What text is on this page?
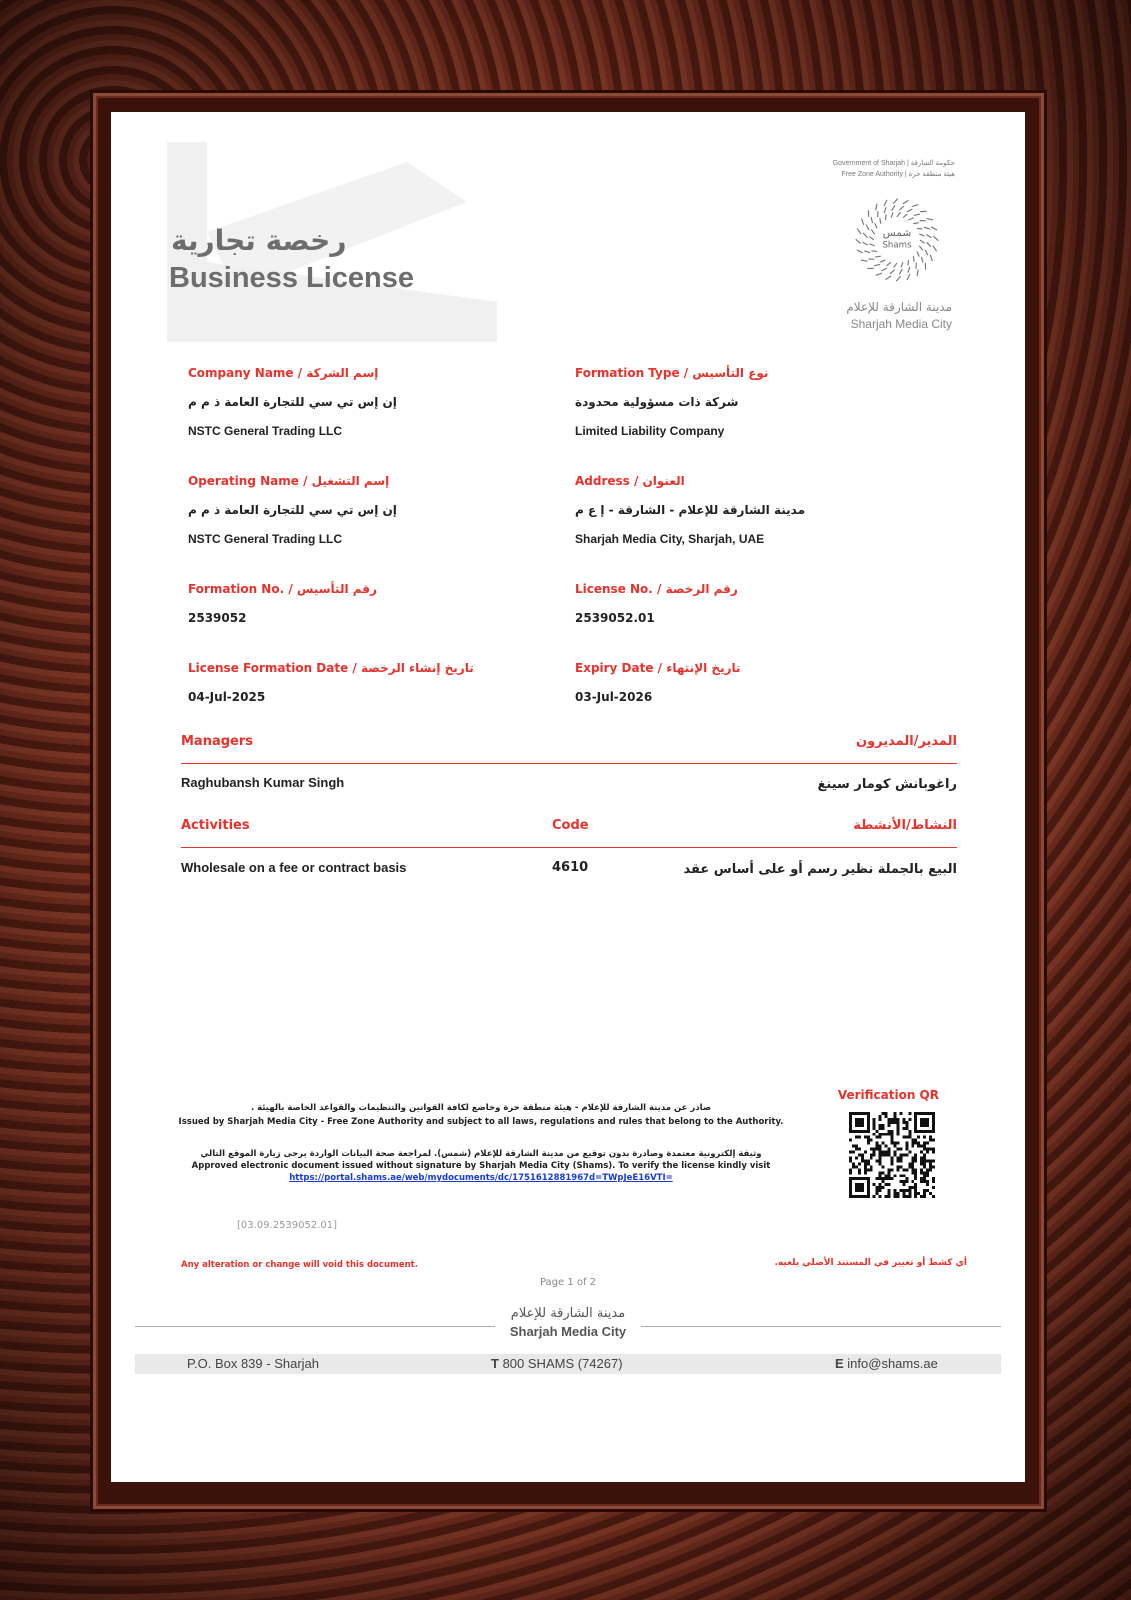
رخصة تجارية
Business License
Government of Sharjah | حكومة الشارقة
Free Zone Authority | هيئة منطقة حرة
شمس
Shams
مدينة الشارقة للإعلام
Sharjah Media City
Company Name / إسم الشركة
إن إس تي سي للتجارة العامة ذ م م
NSTC General Trading LLC
Formation Type / نوع التأسيس
شركة ذات مسؤولية محدودة
Limited Liability Company
Operating Name / إسم التشغيل
إن إس تي سي للتجارة العامة ذ م م
NSTC General Trading LLC
Address / العنوان
مدينة الشارقة للإعلام - الشارقة - إ ع م
Sharjah Media City, Sharjah, UAE
Formation No. / رقم التأسيس
2539052
License No. / رقم الرخصة
2539052.01
License Formation Date / تاريخ إنشاء الرخصة
04-Jul-2025
Expiry Date / تاريخ الإنتهاء
03-Jul-2026
Managers	المدير/المديرون
Raghubansh Kumar Singh	راغوبانش كومار سينغ
Activities	Code	النشاط/الأنشطة
Wholesale on a fee or contract basis	4610	البيع بالجملة نظير رسم أو على أساس عقد
صادر عن مدينة الشارقة للإعلام - هيئة منطقة حرة وخاضع لكافة القوانين والتنظيمات والقواعد الخاصة بالهيئة .
Issued by Sharjah Media City - Free Zone Authority and subject to all laws, regulations and rules that belong to the Authority.
وثيقة إلكترونية معتمدة وصادرة بدون توقيع من مدينة الشارقة للإعلام (شمس). لمراجعة صحة البيانات الواردة يرجى زيارة الموقع التالي
Approved electronic document issued without signature by Sharjah Media City (Shams). To verify the license kindly visit
https://portal.shams.ae/web/mydocuments/dc/1751612881967d=TWpJeE16VTI=
Verification QR
[03.09.2539052.01]
Any alteration or change will void this document.	أي كشط أو تغيير في المستند الأصلي يلغيه.
Page 1 of 2
مدينة الشارقة للإعلام
Sharjah Media City
P.O. Box 839 - Sharjah	T 800 SHAMS (74267)	E info@shams.ae
